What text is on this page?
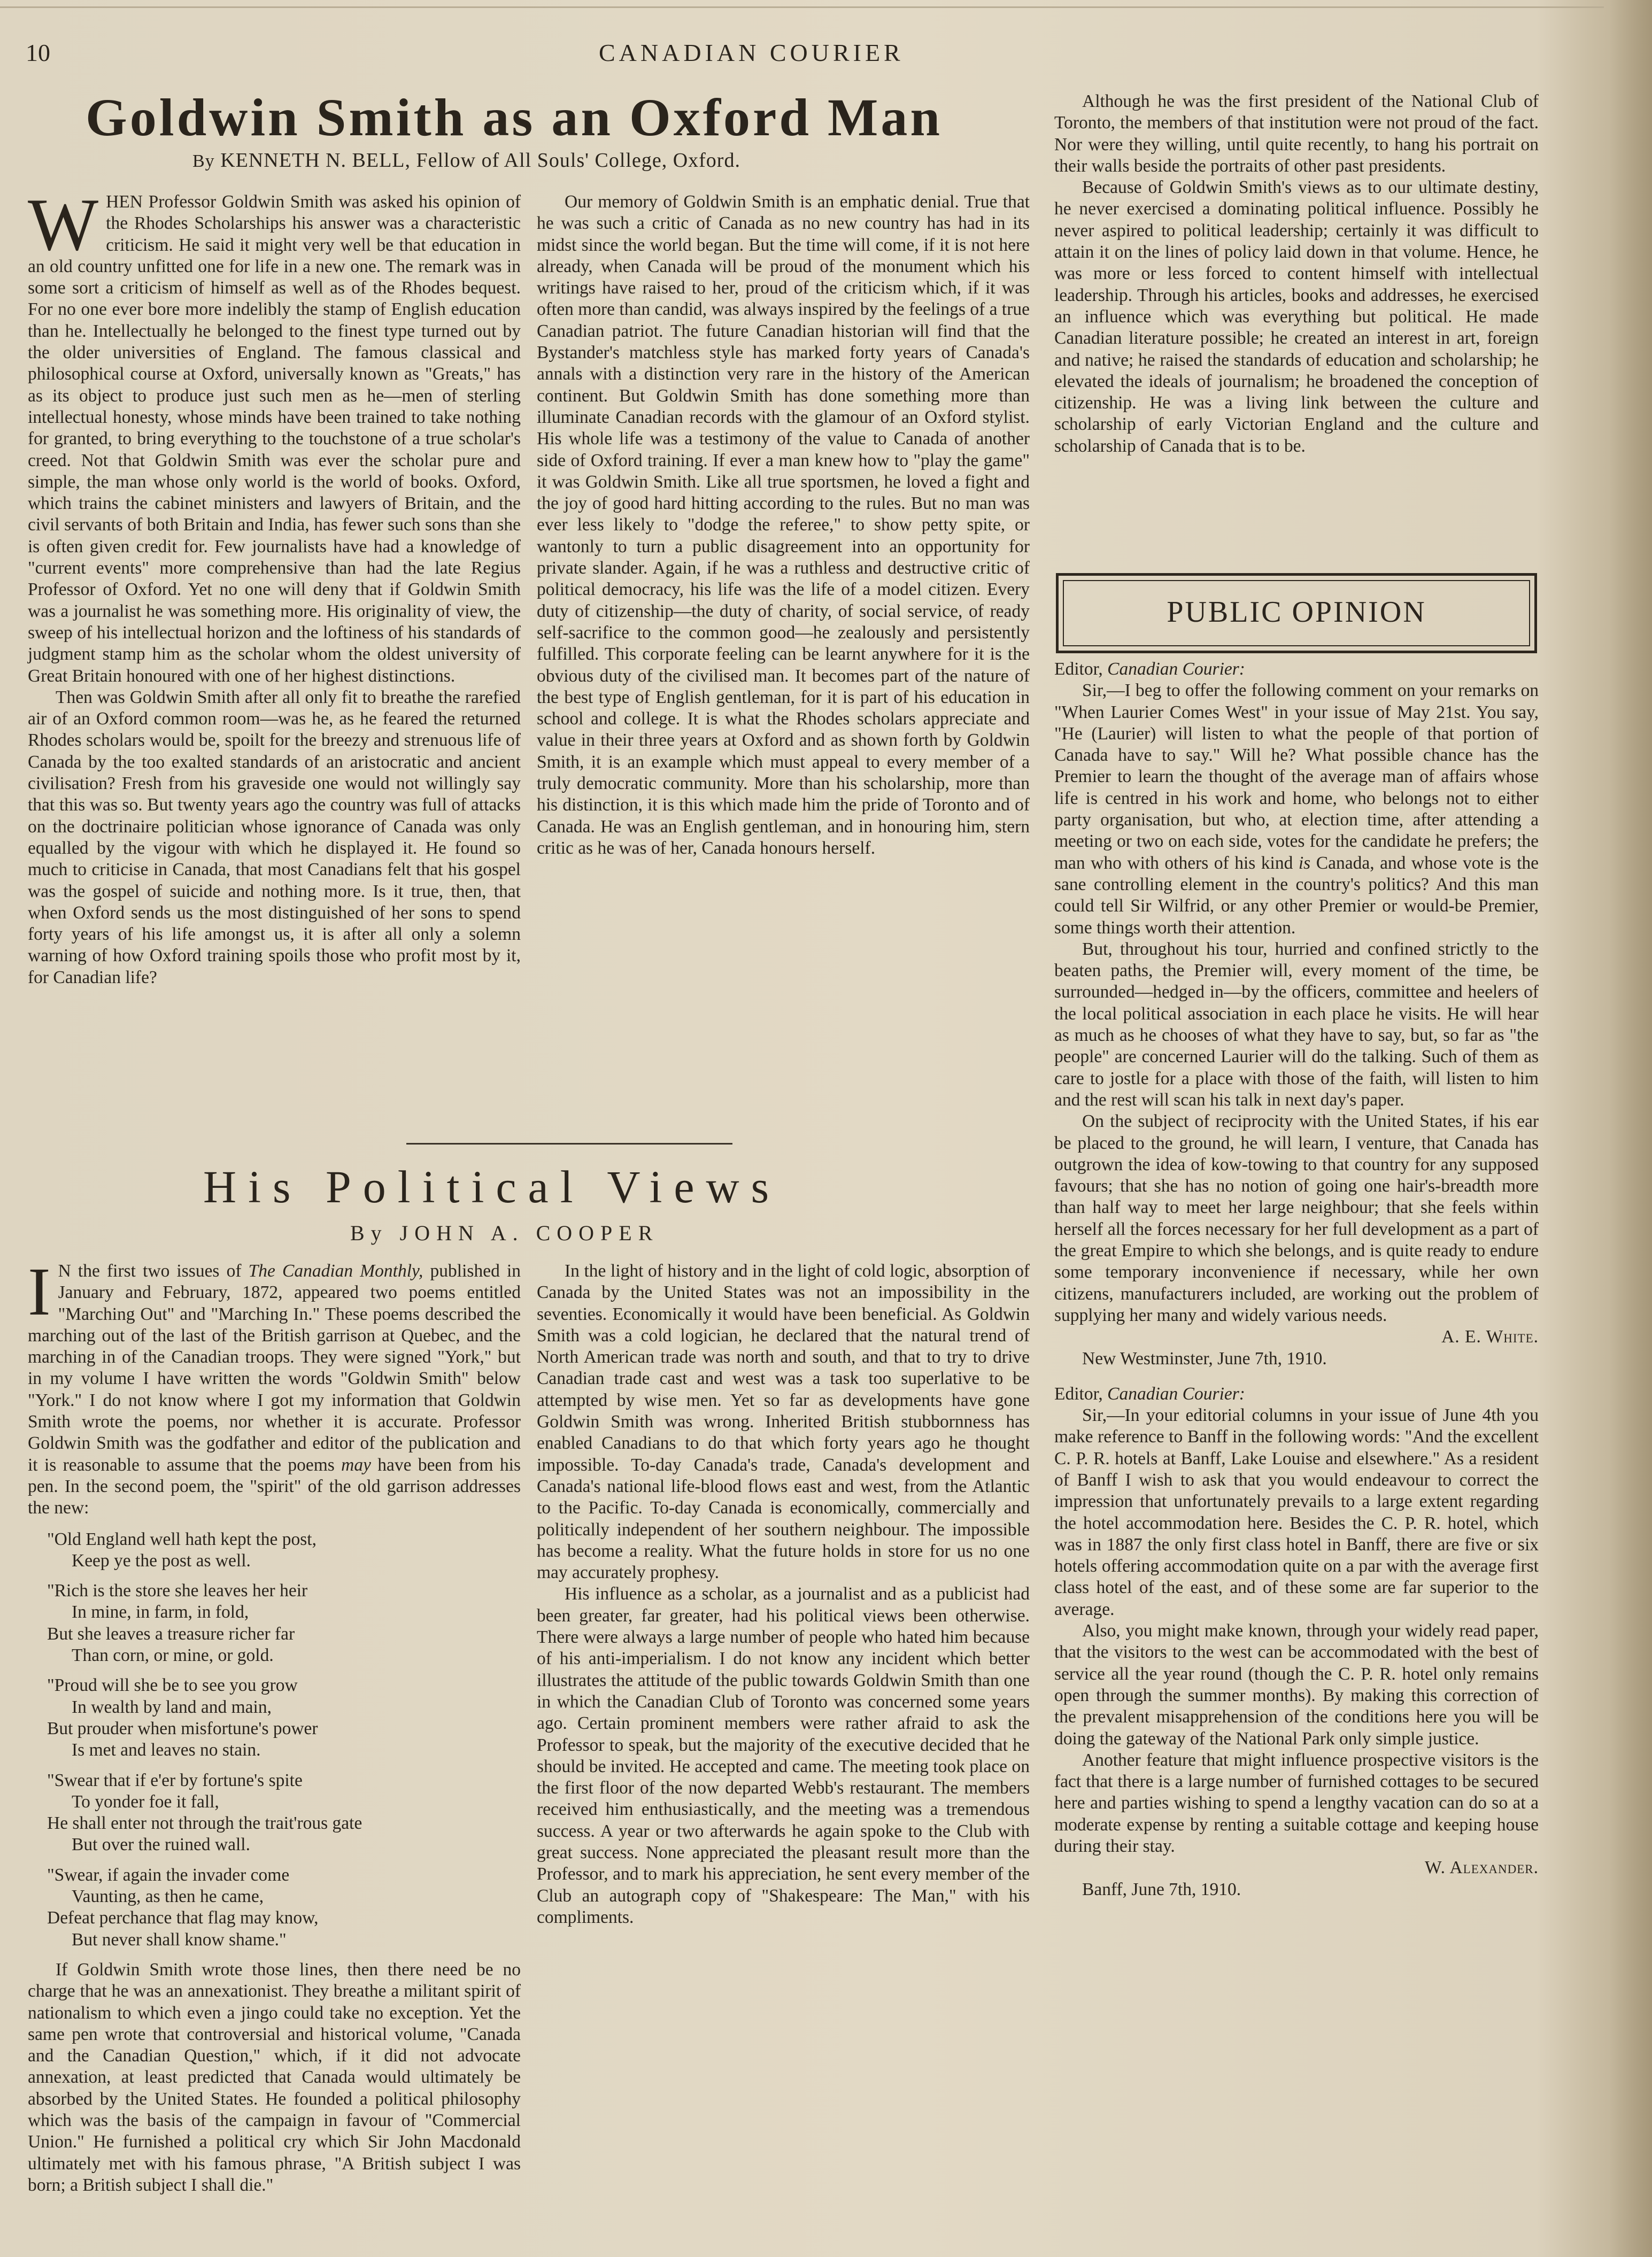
10	CANADIAN COURIER
Goldwin Smith as an Oxford Man
By KENNETH N. BELL, Fellow of All Souls' College, Oxford.

WHEN Professor Goldwin Smith was asked his opinion of the Rhodes Scholarships his answer was a characteristic criticism. He said it might very well be that education in an old country unfitted one for life in a new one. The remark was in some sort a criticism of himself as well as of the Rhodes bequest. For no one ever bore more indelibly the stamp of English education than he. Intellectually he belonged to the finest type turned out by the older universities of England. The famous classical and philosophical course at Oxford, universally known as "Greats," has as its object to produce just such men as he—men of sterling intellectual honesty, whose minds have been trained to take nothing for granted, to bring everything to the touchstone of a true scholar's creed. Not that Goldwin Smith was ever the scholar pure and simple, the man whose only world is the world of books. Oxford, which trains the cabinet ministers and lawyers of Britain, and the civil servants of both Britain and India, has fewer such sons than she is often given credit for. Few journalists have had a knowledge of "current events" more comprehensive than had the late Regius Professor of Oxford. Yet no one will deny that if Goldwin Smith was a journalist he was something more. His originality of view, the sweep of his intellectual horizon and the loftiness of his standards of judgment stamp him as the scholar whom the oldest university of Great Britain honoured with one of her highest distinctions.

Then was Goldwin Smith after all only fit to breathe the rarefied air of an Oxford common room—was he, as he feared the returned Rhodes scholars would be, spoilt for the breezy and strenuous life of Canada by the too exalted standards of an aristocratic and ancient civilisation? Fresh from his graveside one would not willingly say that this was so. But twenty years ago the country was full of attacks on the doctrinaire politician whose ignorance of Canada was only equalled by the vigour with which he displayed it. He found so much to criticise in Canada, that most Canadians felt that his gospel was the gospel of suicide and nothing more. Is it true, then, that when Oxford sends us the most distinguished of her sons to spend forty years of his life amongst us, it is after all only a solemn warning of how Oxford training spoils those who profit most by it, for Canadian life?

Our memory of Goldwin Smith is an emphatic denial. True that he was such a critic of Canada as no new country has had in its midst since the world began. But the time will come, if it is not here already, when Canada will be proud of the monument which his writings have raised to her, proud of the criticism which, if it was often more than candid, was always inspired by the feelings of a true Canadian patriot. The future Canadian historian will find that the Bystander's matchless style has marked forty years of Canada's annals with a distinction very rare in the history of the American continent. But Goldwin Smith has done something more than illuminate Canadian records with the glamour of an Oxford stylist. His whole life was a testimony of the value to Canada of another side of Oxford training. If ever a man knew how to "play the game" it was Goldwin Smith. Like all true sportsmen, he loved a fight and the joy of good hard hitting according to the rules. But no man was ever less likely to "dodge the referee," to show petty spite, or wantonly to turn a public disagreement into an opportunity for private slander. Again, if he was a ruthless and destructive critic of political democracy, his life was the life of a model citizen. Every duty of citizenship—the duty of charity, of social service, of ready self-sacrifice to the common good—he zealously and persistently fulfilled. This corporate feeling can be learnt anywhere for it is the obvious duty of the civilised man. It becomes part of the nature of the best type of English gentleman, for it is part of his education in school and college. It is what the Rhodes scholars appreciate and value in their three years at Oxford and as shown forth by Goldwin Smith, it is an example which must appeal to every member of a truly democratic community. More than his scholarship, more than his distinction, it is this which made him the pride of Toronto and of Canada. He was an English gentleman, and in honouring him, stern critic as he was of her, Canada honours herself.

Although he was the first president of the National Club of Toronto, the members of that institution were not proud of the fact. Nor were they willing, until quite recently, to hang his portrait on their walls beside the portraits of other past presidents.

Because of Goldwin Smith's views as to our ultimate destiny, he never exercised a dominating political influence. Possibly he never aspired to political leadership; certainly it was difficult to attain it on the lines of policy laid down in that volume. Hence, he was more or less forced to content himself with intellectual leadership. Through his articles, books and addresses, he exercised an influence which was everything but political. He made Canadian literature possible; he created an interest in art, foreign and native; he raised the standards of education and scholarship; he elevated the ideals of journalism; he broadened the conception of citizenship. He was a living link between the culture and scholarship of early Victorian England and the culture and scholarship of Canada that is to be.

His Political Views
By JOHN A. COOPER

I N the first two issues of The Canadian Monthly, published in January and February, 1872, appeared two poems entitled "Marching Out" and "Marching In." These poems described the marching out of the last of the British garrison at Quebec, and the marching in of the Canadian troops. They were signed "York," but in my volume I have written the words "Goldwin Smith" below "York." I do not know where I got my information that Goldwin Smith wrote the poems, nor whether it is accurate. Professor Goldwin Smith was the godfather and editor of the publication and it is reasonable to assume that the poems may have been from his pen. In the second poem, the "spirit" of the old garrison addresses the new:

"Old England well hath kept the post,
Keep ye the post as well.
"Rich is the store she leaves her heir
In mine, in farm, in fold,
But she leaves a treasure richer far
Than corn, or mine, or gold.
"Proud will she be to see you grow
In wealth by land and main,
But prouder when misfortune's power
Is met and leaves no stain.
"Swear that if e'er by fortune's spite
To yonder foe it fall,
He shall enter not through the trait'rous gate
But over the ruined wall.
"Swear, if again the invader come
Vaunting, as then he came,
Defeat perchance that flag may know,
But never shall know shame."

If Goldwin Smith wrote those lines, then there need be no charge that he was an annexationist. They breathe a militant spirit of nationalism to which even a jingo could take no exception. Yet the same pen wrote that controversial and historical volume, "Canada and the Canadian Question," which, if it did not advocate annexation, at least predicted that Canada would ultimately be absorbed by the United States. He founded a political philosophy which was the basis of the campaign in favour of "Commercial Union." He furnished a political cry which Sir John Macdonald ultimately met with his famous phrase, "A British subject I was born; a British subject I shall die."

In the light of history and in the light of cold logic, absorption of Canada by the United States was not an impossibility in the seventies. Economically it would have been beneficial. As Goldwin Smith was a cold logician, he declared that the natural trend of North American trade was north and south, and that to try to drive Canadian trade cast and west was a task too superlative to be attempted by wise men. Yet so far as developments have gone Goldwin Smith was wrong. Inherited British stubbornness has enabled Canadians to do that which forty years ago he thought impossible. To-day Canada's trade, Canada's development and Canada's national life-blood flows east and west, from the Atlantic to the Pacific. To-day Canada is economically, commercially and politically independent of her southern neighbour. The impossible has become a reality. What the future holds in store for us no one may accurately prophesy.

His influence as a scholar, as a journalist and as a publicist had been greater, far greater, had his political views been otherwise. There were always a large number of people who hated him because of his anti-imperialism. I do not know any incident which better illustrates the attitude of the public towards Goldwin Smith than one in which the Canadian Club of Toronto was concerned some years ago. Certain prominent members were rather afraid to ask the Professor to speak, but the majority of the executive decided that he should be invited. He accepted and came. The meeting took place on the first floor of the now departed Webb's restaurant. The members received him enthusiastically, and the meeting was a tremendous success. A year or two afterwards he again spoke to the Club with great success. None appreciated the pleasant result more than the Professor, and to mark his appreciation, he sent every member of the Club an autograph copy of "Shakespeare: The Man," with his compliments.

PUBLIC OPINION

Editor, Canadian Courier:

Sir,—I beg to offer the following comment on your remarks on "When Laurier Comes West" in your issue of May 21st. You say, "He (Laurier) will listen to what the people of that portion of Canada have to say." Will he? What possible chance has the Premier to learn the thought of the average man of affairs whose life is centred in his work and home, who belongs not to either party organisation, but who, at election time, after attending a meeting or two on each side, votes for the candidate he prefers; the man who with others of his kind is Canada, and whose vote is the sane controlling element in the country's politics? And this man could tell Sir Wilfrid, or any other Premier or would-be Premier, some things worth their attention.

But, throughout his tour, hurried and confined strictly to the beaten paths, the Premier will, every moment of the time, be surrounded—hedged in—by the officers, committee and heelers of the local political association in each place he visits. He will hear as much as he chooses of what they have to say, but, so far as "the people" are concerned Laurier will do the talking. Such of them as care to jostle for a place with those of the faith, will listen to him and the rest will scan his talk in next day's paper.

On the subject of reciprocity with the United States, if his ear be placed to the ground, he will learn, I venture, that Canada has outgrown the idea of kow-towing to that country for any supposed favours; that she has no notion of going one hair's-breadth more than half way to meet her large neighbour; that she feels within herself all the forces necessary for her full development as a part of the great Empire to which she belongs, and is quite ready to endure some temporary inconvenience if necessary, while her own citizens, manufacturers included, are working out the problem of supplying her many and widely various needs.

A. E. White.

New Westminster, June 7th, 1910.

Editor, Canadian Courier:

Sir,—In your editorial columns in your issue of June 4th you make reference to Banff in the following words: "And the excellent C. P. R. hotels at Banff, Lake Louise and elsewhere." As a resident of Banff I wish to ask that you would endeavour to correct the impression that unfortunately prevails to a large extent regarding the hotel accommodation here. Besides the C. P. R. hotel, which was in 1887 the only first class hotel in Banff, there are five or six hotels offering accommodation quite on a par with the average first class hotel of the east, and of these some are far superior to the average.

Also, you might make known, through your widely read paper, that the visitors to the west can be accommodated with the best of service all the year round (though the C. P. R. hotel only remains open through the summer months). By making this correction of the prevalent misapprehension of the conditions here you will be doing the gateway of the National Park only simple justice.

Another feature that might influence prospective visitors is the fact that there is a large number of furnished cottages to be secured here and parties wishing to spend a lengthy vacation can do so at a moderate expense by renting a suitable cottage and keeping house during their stay.

W. Alexander.

Banff, June 7th, 1910.
